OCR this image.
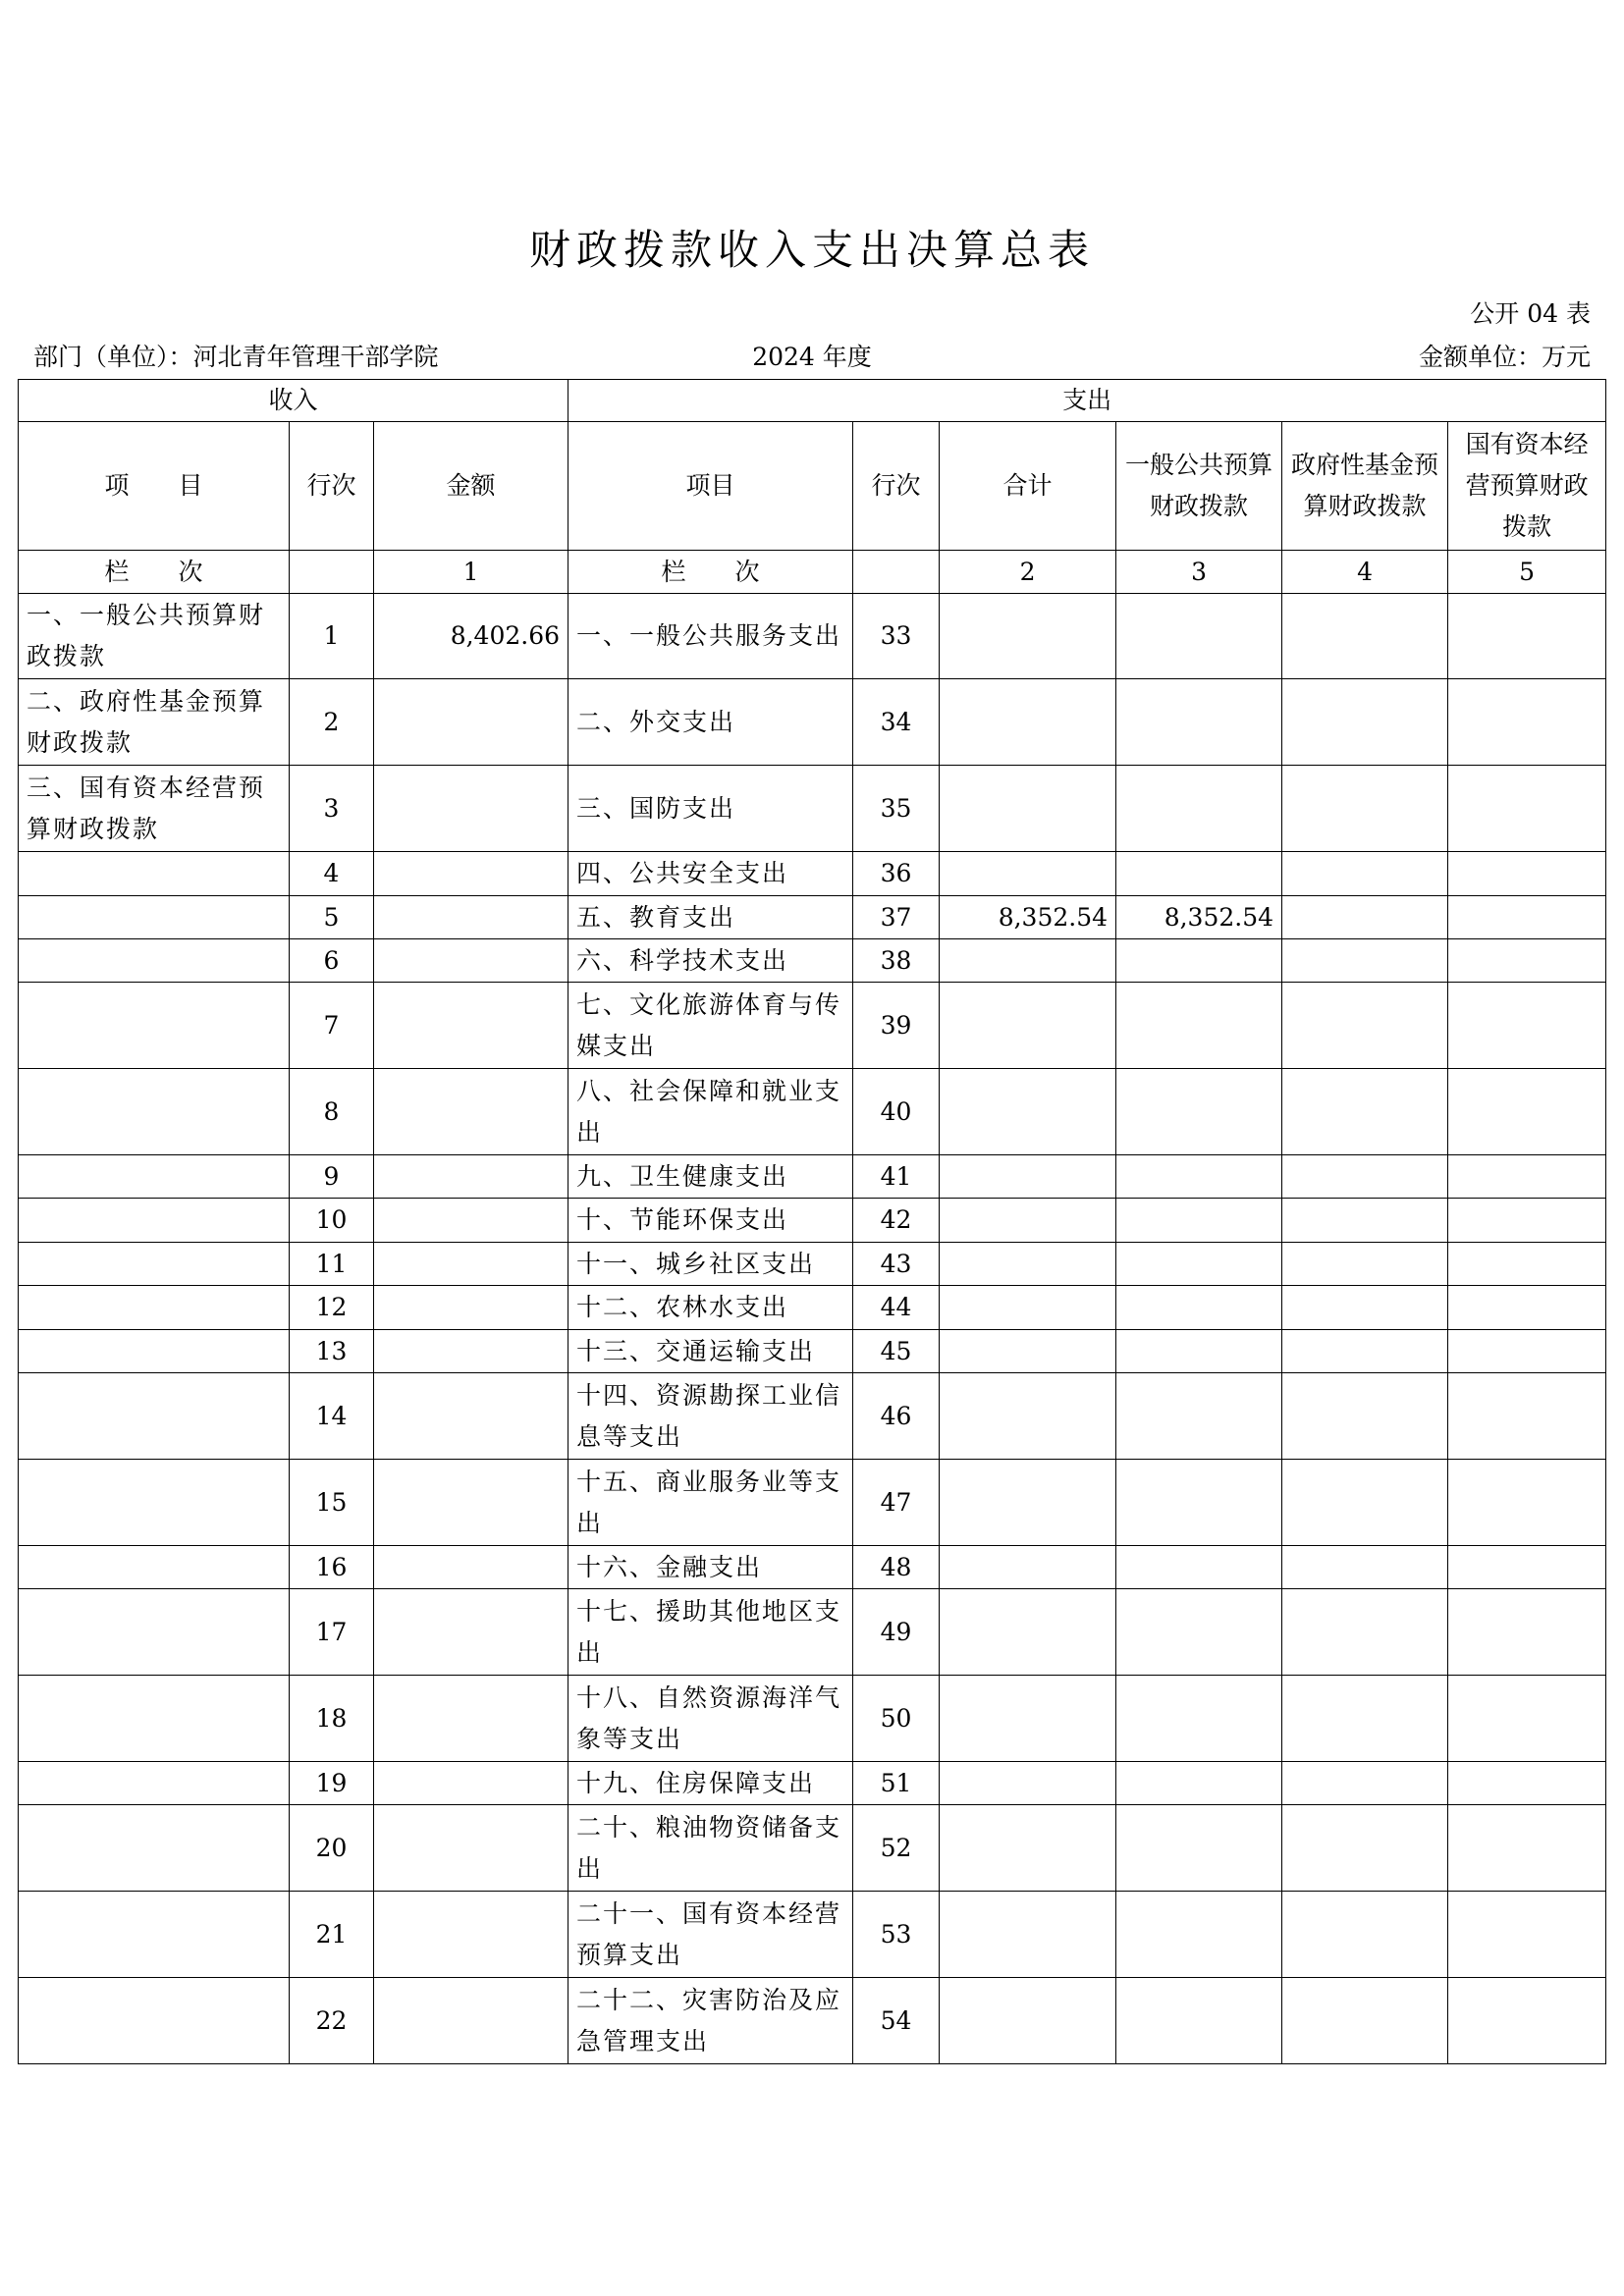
财政拨款收入支出决算总表
公开 04 表
部门（单位）：河北青年管理干部学院	2024 年度	金额单位：万元
收入			支出					
项　　目	行次	金额	项目	行次	合计	一般公共预算财政拨款	政府性基金预算财政拨款	国有资本经营预算财政拨款
栏　　次		1	栏　　次		2	3	4	5
一、一般公共预算财政拨款	1	8,402.66	一、一般公共服务支出	33				
二、政府性基金预算财政拨款	2		二、外交支出	34				
三、国有资本经营预算财政拨款	3		三、国防支出	35				
	4		四、公共安全支出	36				
	5		五、教育支出	37	8,352.54	8,352.54		
	6		六、科学技术支出	38				
	7		七、文化旅游体育与传媒支出	39				
	8		八、社会保障和就业支出	40				
	9		九、卫生健康支出	41				
	10		十、节能环保支出	42				
	11		十一、城乡社区支出	43				
	12		十二、农林水支出	44				
	13		十三、交通运输支出	45				
	14		十四、资源勘探工业信息等支出	46				
	15		十五、商业服务业等支出	47				
	16		十六、金融支出	48				
	17		十七、援助其他地区支出	49				
	18		十八、自然资源海洋气象等支出	50				
	19		十九、住房保障支出	51				
	20		二十、粮油物资储备支出	52				
	21		二十一、国有资本经营预算支出	53				
	22		二十二、灾害防治及应急管理支出	54				
